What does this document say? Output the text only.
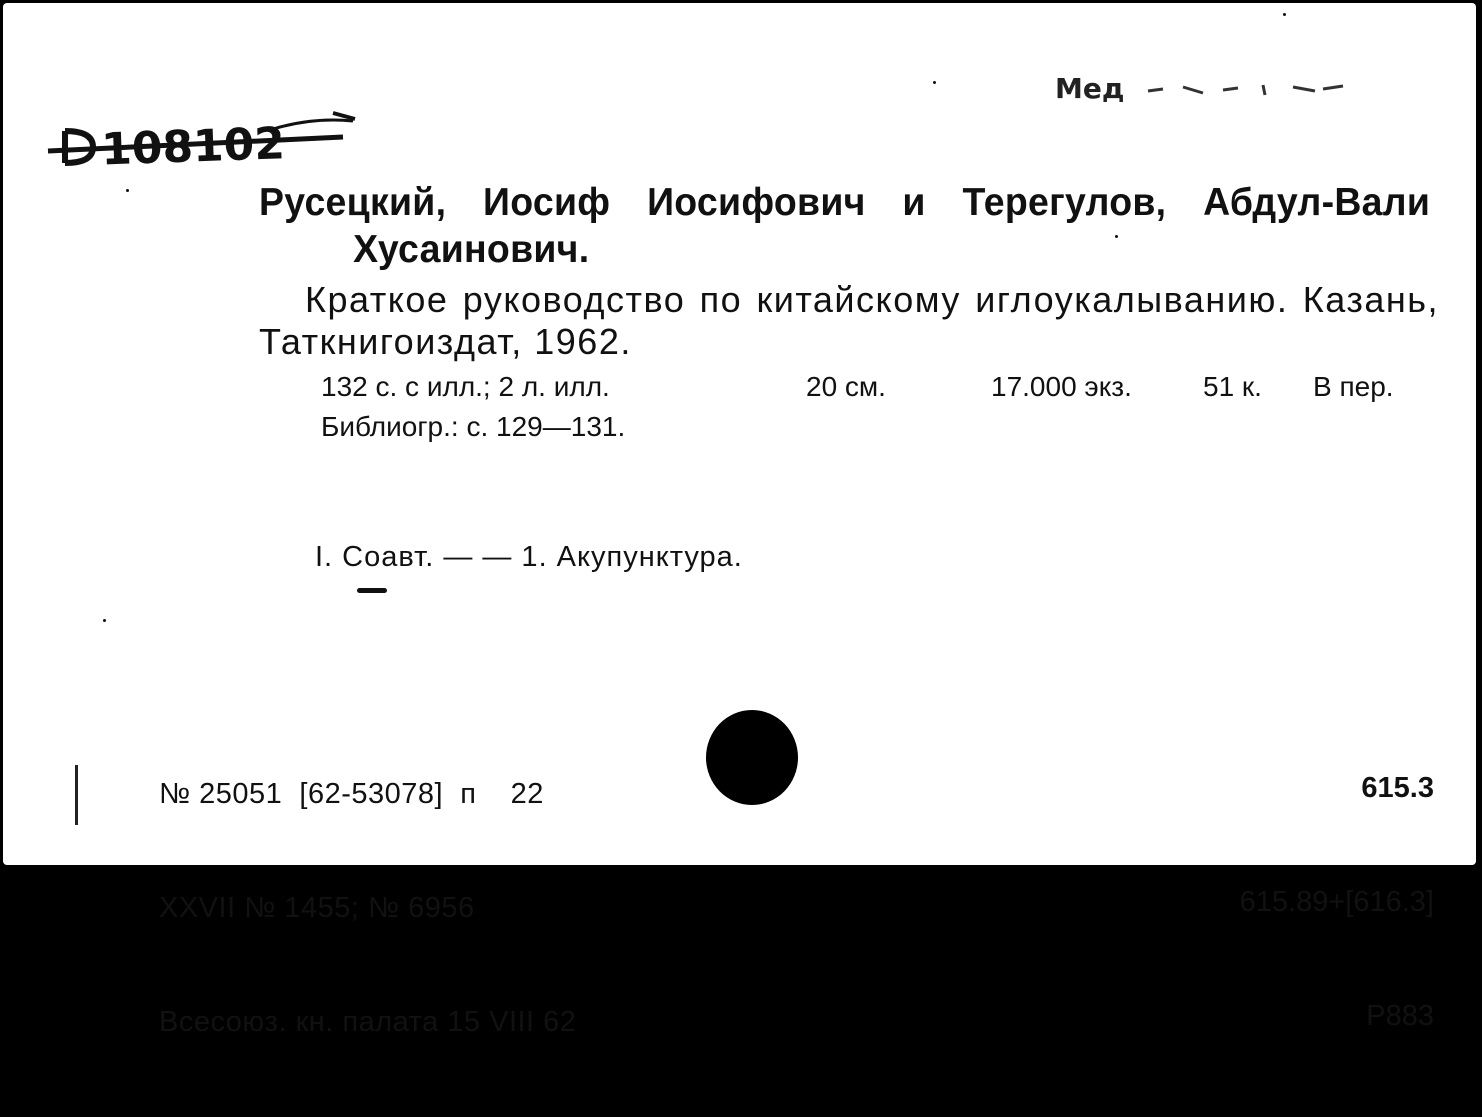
108102
Мед
Русецкий, Иосиф Иосифович и Терегулов, Абдул-Вали
Хусаинович.
Краткое руководство по китайскому иглоукалыванию. Казань, Таткнигоиздат, 1962.
132 с. с илл.; 2 л. илл.	20 см.	17.000 экз.	51 к.	В пер.
Библиогр.: с. 129—131.
I. Соавт. — — 1. Акупунктура.

№ 25051  [62-53078]  п    22

XXVII № 1455; № 6956

Всесоюз. кн. палата 15 VIII 62

615.3

615.89+[616.3]

Р883
